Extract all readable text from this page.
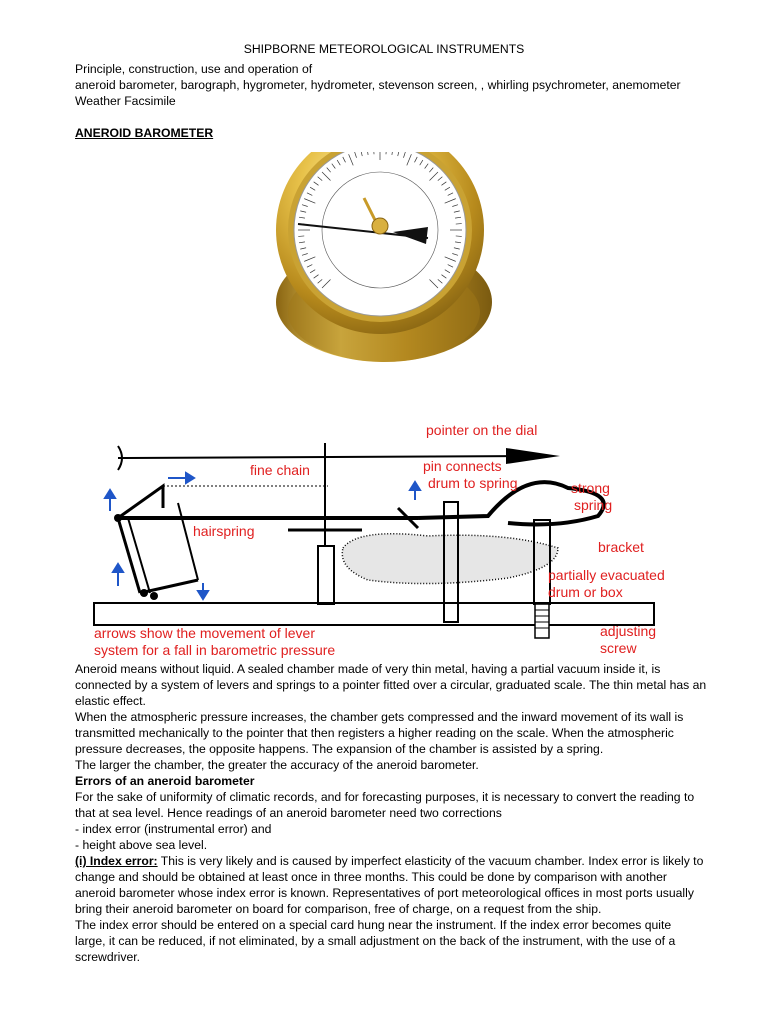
SHIPBORNE METEOROLOGICAL INSTRUMENTS
Principle, construction, use and operation of
aneroid barometer, barograph, hygrometer, hydrometer, stevenson screen, , whirling psychrometer, anemometer
Weather Facsimile
ANEROID BAROMETER
pointer on the dial
fine chain	pin connects
drum to spring	strong
spring
hairspring
bracket
partially evacuated
drum or box
arrows show the movement of lever
system for a fall in barometric pressure
adjusting
screw
Aneroid means without liquid. A sealed chamber made of very thin metal, having a partial vacuum inside it, is
connected by a system of levers and springs to a pointer fitted over a circular, graduated scale. The thin metal has an
elastic effect.
When the atmospheric pressure increases, the chamber gets compressed and the inward movement of its wall is
transmitted mechanically to the pointer that then registers a higher reading on the scale. When the atmospheric
pressure decreases, the opposite happens. The expansion of the chamber is assisted by a spring.
The larger the chamber, the greater the accuracy of the aneroid barometer.
Errors of an aneroid barometer
For the sake of uniformity of climatic records, and for forecasting purposes, it is necessary to convert the reading to
that at sea level. Hence readings of an aneroid barometer need two corrections
- index error (instrumental error) and
- height above sea level.
(i) Index error: This is very likely and is caused by imperfect elasticity of the vacuum chamber. Index error is likely to
change and should be obtained at least once in three months. This could be done by comparison with another
aneroid barometer whose index error is known. Representatives of port meteorological offices in most ports usually
bring their aneroid barometer on board for comparison, free of charge, on a request from the ship.
The index error should be entered on a special card hung near the instrument. If the index error becomes quite
large, it can be reduced, if not eliminated, by a small adjustment on the back of the instrument, with the use of a
screwdriver.
